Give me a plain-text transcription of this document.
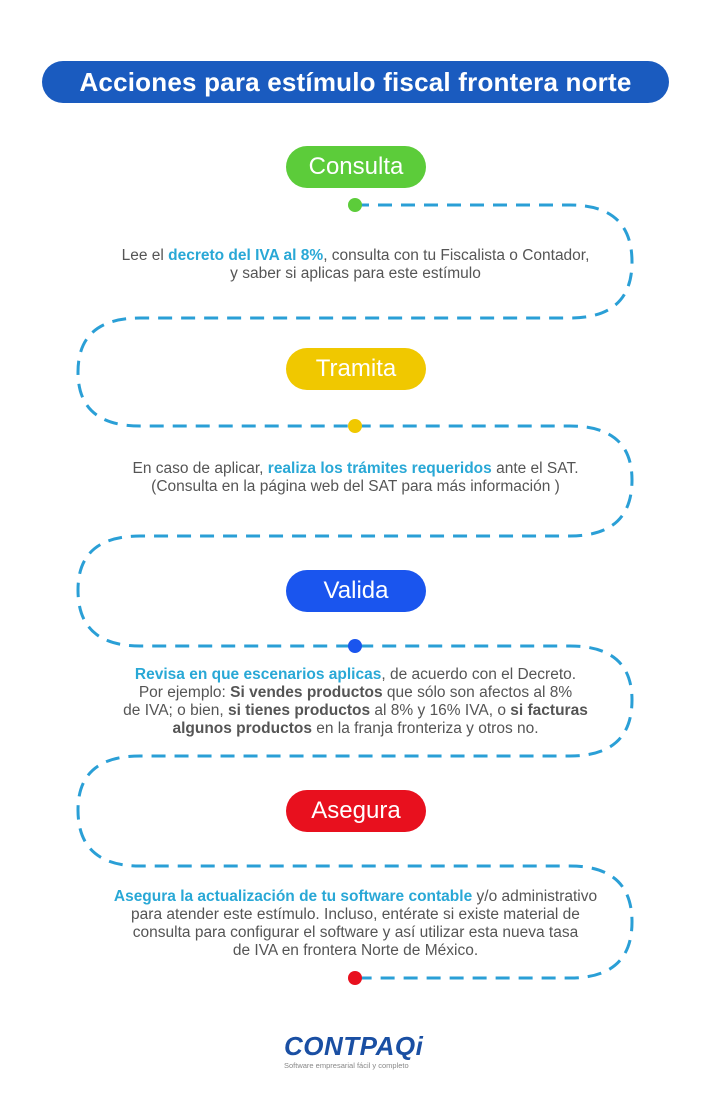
Acciones para estímulo fiscal frontera norte
Consulta
Tramita
Valida
Asegura

Lee el decreto del IVA al 8%, consulta con tu Fiscalista o Contador,

y saber si aplicas para este estímulo

En caso de aplicar, realiza los trámites requeridos ante el SAT.

(Consulta en la página web del SAT para más información )

Revisa en que escenarios aplicas, de acuerdo con el Decreto.

Por ejemplo: Si vendes productos que sólo son afectos al 8%

de IVA; o bien, si tienes productos al 8% y 16% IVA, o si facturas

algunos productos en la franja fronteriza y otros no.

Asegura la actualización de tu software contable y/o administrativo

para atender este estímulo. Incluso, entérate si existe material de

consulta para configurar el software y así utilizar esta nueva tasa

de IVA en frontera Norte de México.

CONTPAQi
Software empresarial fácil y completo
